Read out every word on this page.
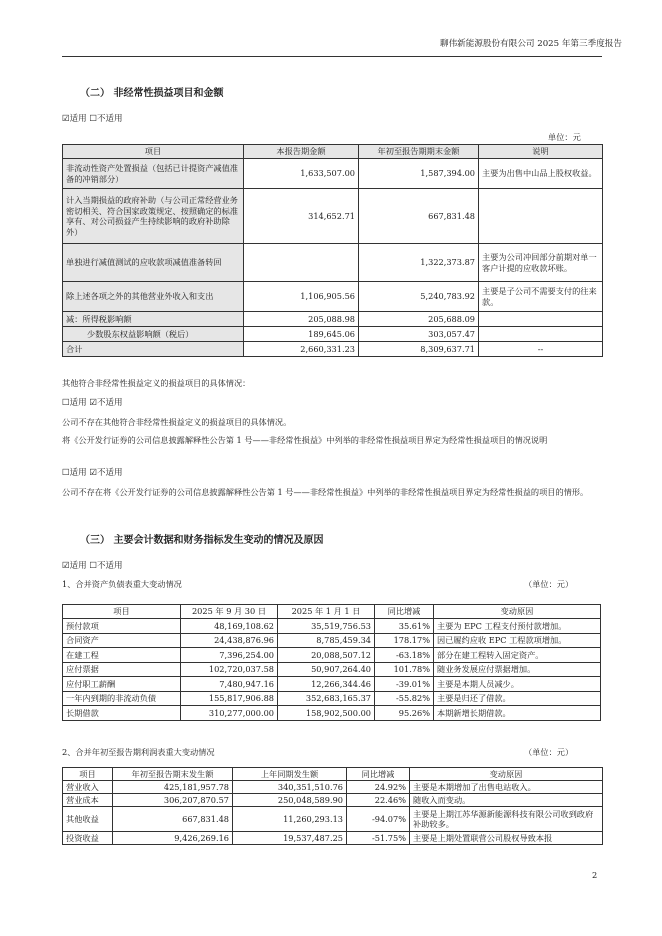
聊伟新能源股份有限公司 2025 年第三季度报告
（二） 非经常性损益项目和金额
☑适用 ☐不适用
单位：元
项目	本报告期金额	年初至报告期期末金额	说明
非流动性资产处置损益（包括已计提资产减值准备的冲销部分）	1,633,507.00	1,587,394.00	主要为出售中山品上股权收益。
计入当期损益的政府补助（与公司正常经营业务密切相关、符合国家政策规定、按照确定的标准享有、对公司损益产生持续影响的政府补助除外）	314,652.71	667,831.48	
单独进行减值测试的应收款项减值准备转回		1,322,373.87	主要为公司冲回部分前期对单一客户计提的应收款坏账。
除上述各项之外的其他营业外收入和支出	1,106,905.56	5,240,783.92	主要是子公司不需要支付的往来款。
减：所得税影响额	205,088.98	205,688.09	
少数股东权益影响额（税后）	189,645.06	303,057.47	
合计	2,660,331.23	8,309,637.71	--
其他符合非经常性损益定义的损益项目的具体情况：
☐适用 ☑不适用
公司不存在其他符合非经常性损益定义的损益项目的具体情况。
将《公开发行证券的公司信息披露解释性公告第 1 号——非经常性损益》中列举的非经常性损益项目界定为经常性损益项目的情况说明
☐适用 ☑不适用
公司不存在将《公开发行证券的公司信息披露解释性公告第 1 号——非经常性损益》中列举的非经常性损益项目界定为经常性损益的项目的情形。
（三） 主要会计数据和财务指标发生变动的情况及原因
☑适用 ☐不适用
1、合并资产负债表重大变动情况	（单位：元）
项目	2025 年 9 月 30 日	2025 年 1 月 1 日	同比增减	变动原因
预付款项	48,169,108.62	35,519,756.53	35.61%	主要为 EPC 工程支付预付款增加。
合同资产	24,438,876.96	8,785,459.34	178.17%	因已履约应收 EPC 工程款项增加。
在建工程	7,396,254.00	20,088,507.12	-63.18%	部分在建工程转入固定资产。
应付票据	102,720,037.58	50,907,264.40	101.78%	随业务发展应付票据增加。
应付职工薪酬	7,480,947.16	12,266,344.46	-39.01%	主要是本期人员减少。
一年内到期的非流动负债	155,817,906.88	352,683,165.37	-55.82%	主要是归还了借款。
长期借款	310,277,000.00	158,902,500.00	95.26%	本期新增长期借款。
2、合并年初至报告期利润表重大变动情况	（单位：元）
项目	年初至报告期末发生额	上年同期发生额	同比增减	变动原因
营业收入	425,181,957.78	340,351,510.76	24.92%	主要是本期增加了出售电站收入。
营业成本	306,207,870.57	250,048,589.90	22.46%	随收入而变动。
其他收益	667,831.48	11,260,293.13	-94.07%	主要是上期江苏华源新能源科技有限公司收到政府补助较多。
投资收益	9,426,269.16	19,537,487.25	-51.75%	主要是上期处置联营公司股权导致本报
2
